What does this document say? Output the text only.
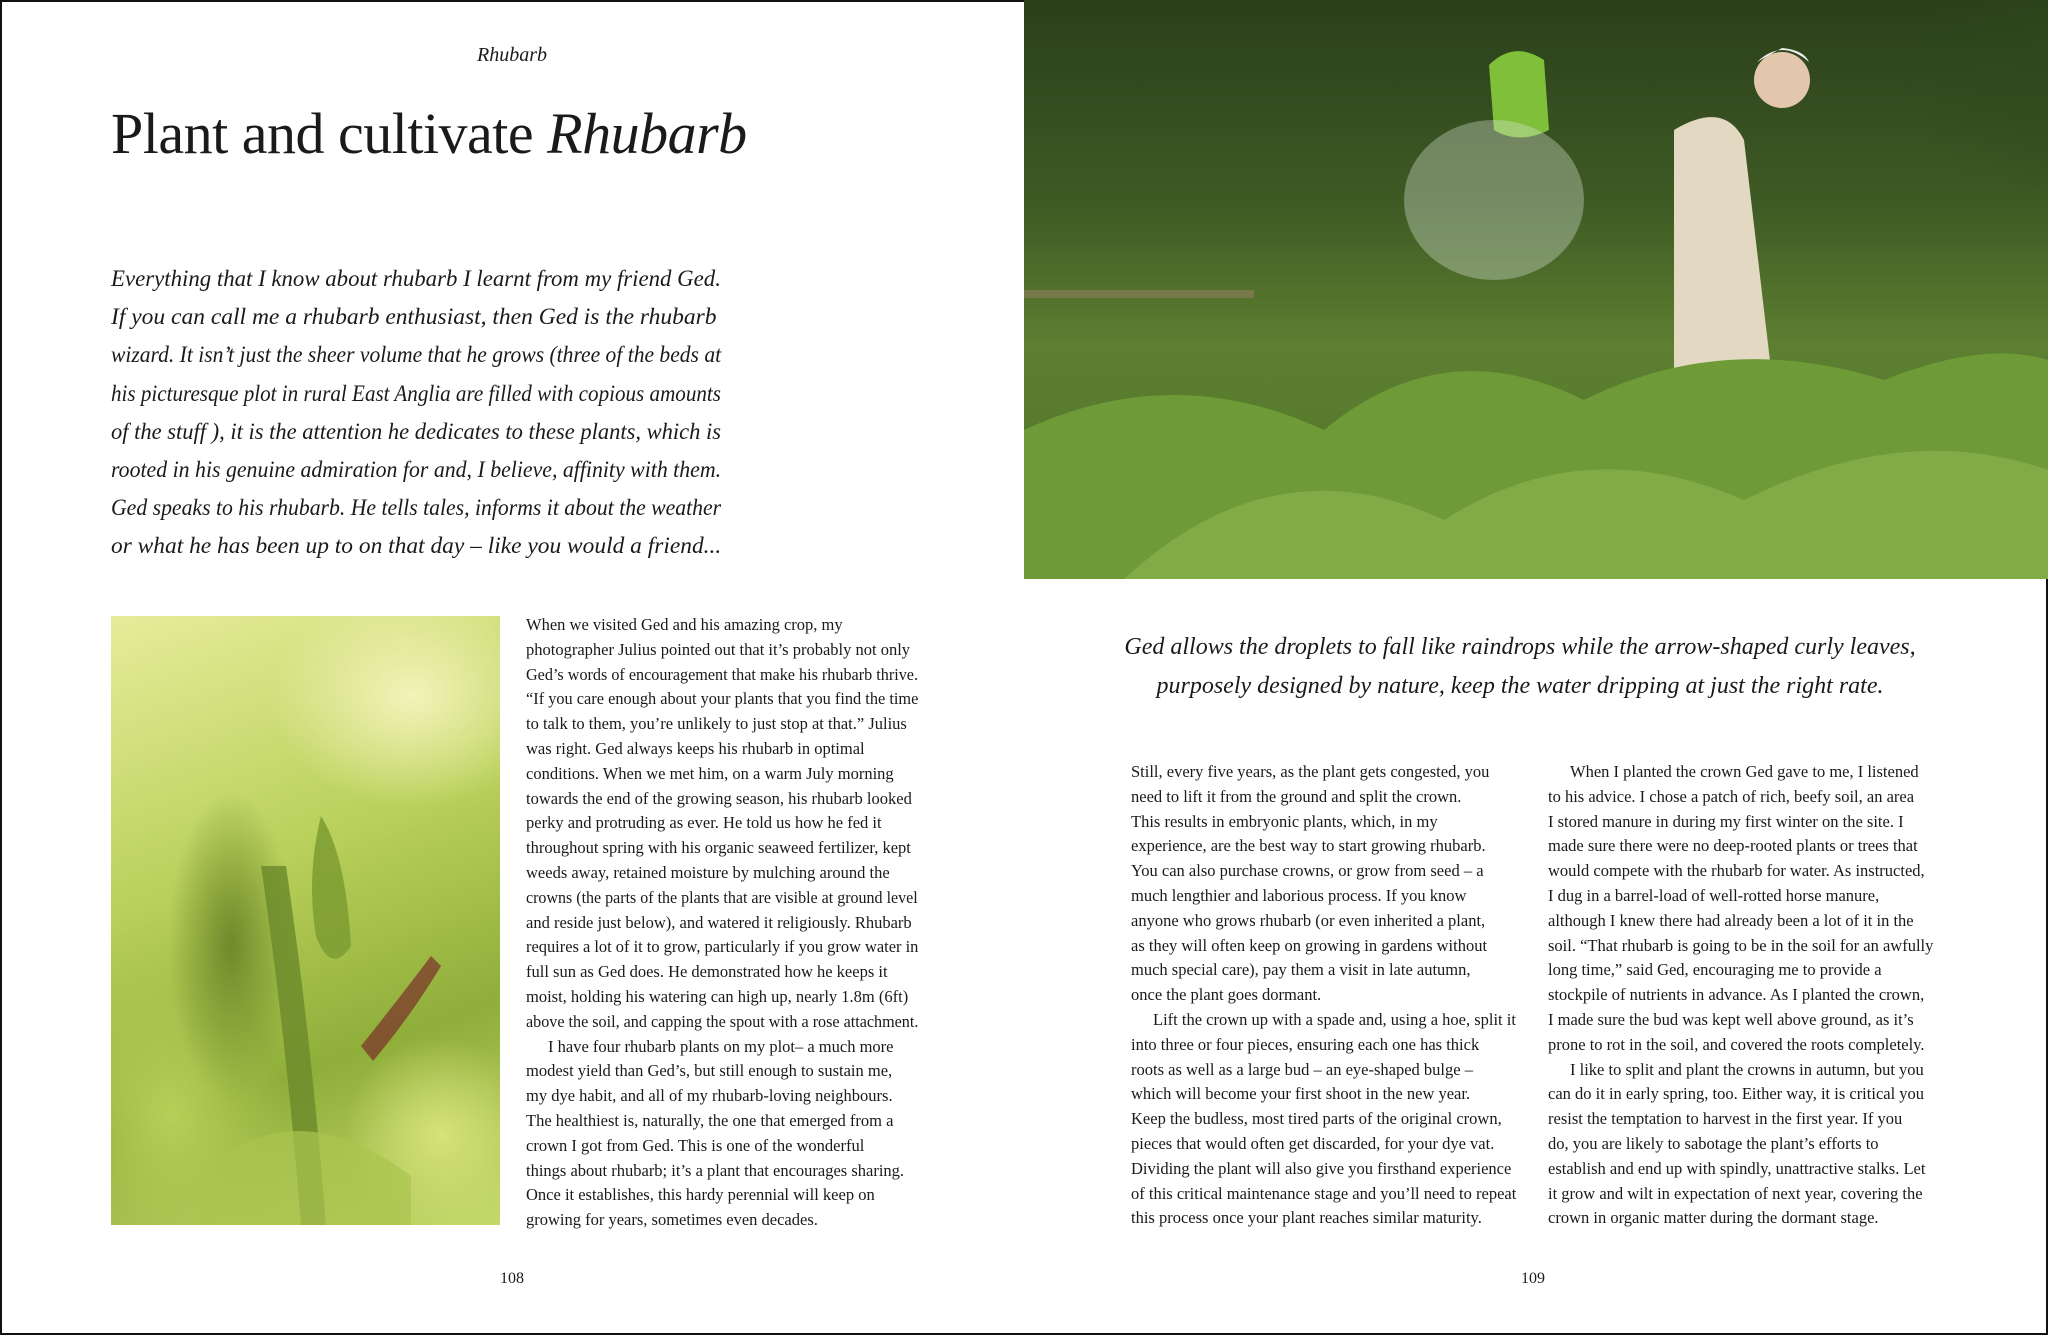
Rhubarb
Plant and cultivate Rhubarb
Everything that I know about rhubarb I learnt from my friend Ged.
If you can call me a rhubarb enthusiast, then Ged is the rhubarb
wizard. It isn’t just the sheer volume that he grows (three of the beds at
his picturesque plot in rural East Anglia are filled with copious amounts
of the stuff ), it is the attention he dedicates to these plants, which is
rooted in his genuine admiration for and, I believe, affinity with them.
Ged speaks to his rhubarb. He tells tales, informs it about the weather
or what he has been up to on that day – like you would a friend...
When we visited Ged and his amazing crop, my
photographer Julius pointed out that it’s probably not only
Ged’s words of encouragement that make his rhubarb thrive.
“If you care enough about your plants that you find the time
to talk to them, you’re unlikely to just stop at that.” Julius
was right. Ged always keeps his rhubarb in optimal
conditions. When we met him, on a warm July morning
towards the end of the growing season, his rhubarb looked
perky and protruding as ever. He told us how he fed it
throughout spring with his organic seaweed fertilizer, kept
weeds away, retained moisture by mulching around the
crowns (the parts of the plants that are visible at ground level
and reside just below), and watered it religiously. Rhubarb
requires a lot of it to grow, particularly if you grow water in
full sun as Ged does. He demonstrated how he keeps it
moist, holding his watering can high up, nearly 1.8m (6ft)
above the soil, and capping the spout with a rose attachment.
I have four rhubarb plants on my plot– a much more
modest yield than Ged’s, but still enough to sustain me,
my dye habit, and all of my rhubarb-loving neighbours.
The healthiest is, naturally, the one that emerged from a
crown I got from Ged. This is one of the wonderful
things about rhubarb; it’s a plant that encourages sharing.
Once it establishes, this hardy perennial will keep on
growing for years, sometimes even decades.
Ged allows the droplets to fall like raindrops while the arrow-shaped curly leaves,
purposely designed by nature, keep the water dripping at just the right rate.
Still, every five years, as the plant gets congested, you
need to lift it from the ground and split the crown.
This results in embryonic plants, which, in my
experience, are the best way to start growing rhubarb.
You can also purchase crowns, or grow from seed – a
much lengthier and laborious process. If you know
anyone who grows rhubarb (or even inherited a plant,
as they will often keep on growing in gardens without
much special care), pay them a visit in late autumn,
once the plant goes dormant.
Lift the crown up with a spade and, using a hoe, split it
into three or four pieces, ensuring each one has thick
roots as well as a large bud – an eye-shaped bulge –
which will become your first shoot in the new year.
Keep the budless, most tired parts of the original crown,
pieces that would often get discarded, for your dye vat.
Dividing the plant will also give you firsthand experience
of this critical maintenance stage and you’ll need to repeat
this process once your plant reaches similar maturity.
When I planted the crown Ged gave to me, I listened
to his advice. I chose a patch of rich, beefy soil, an area
I stored manure in during my first winter on the site. I
made sure there were no deep-rooted plants or trees that
would compete with the rhubarb for water. As instructed,
I dug in a barrel-load of well-rotted horse manure,
although I knew there had already been a lot of it in the
soil. “That rhubarb is going to be in the soil for an awfully
long time,” said Ged, encouraging me to provide a
stockpile of nutrients in advance. As I planted the crown,
I made sure the bud was kept well above ground, as it’s
prone to rot in the soil, and covered the roots completely.
I like to split and plant the crowns in autumn, but you
can do it in early spring, too. Either way, it is critical you
resist the temptation to harvest in the first year. If you
do, you are likely to sabotage the plant’s efforts to
establish and end up with spindly, unattractive stalks. Let
it grow and wilt in expectation of next year, covering the
crown in organic matter during the dormant stage.
108	109
